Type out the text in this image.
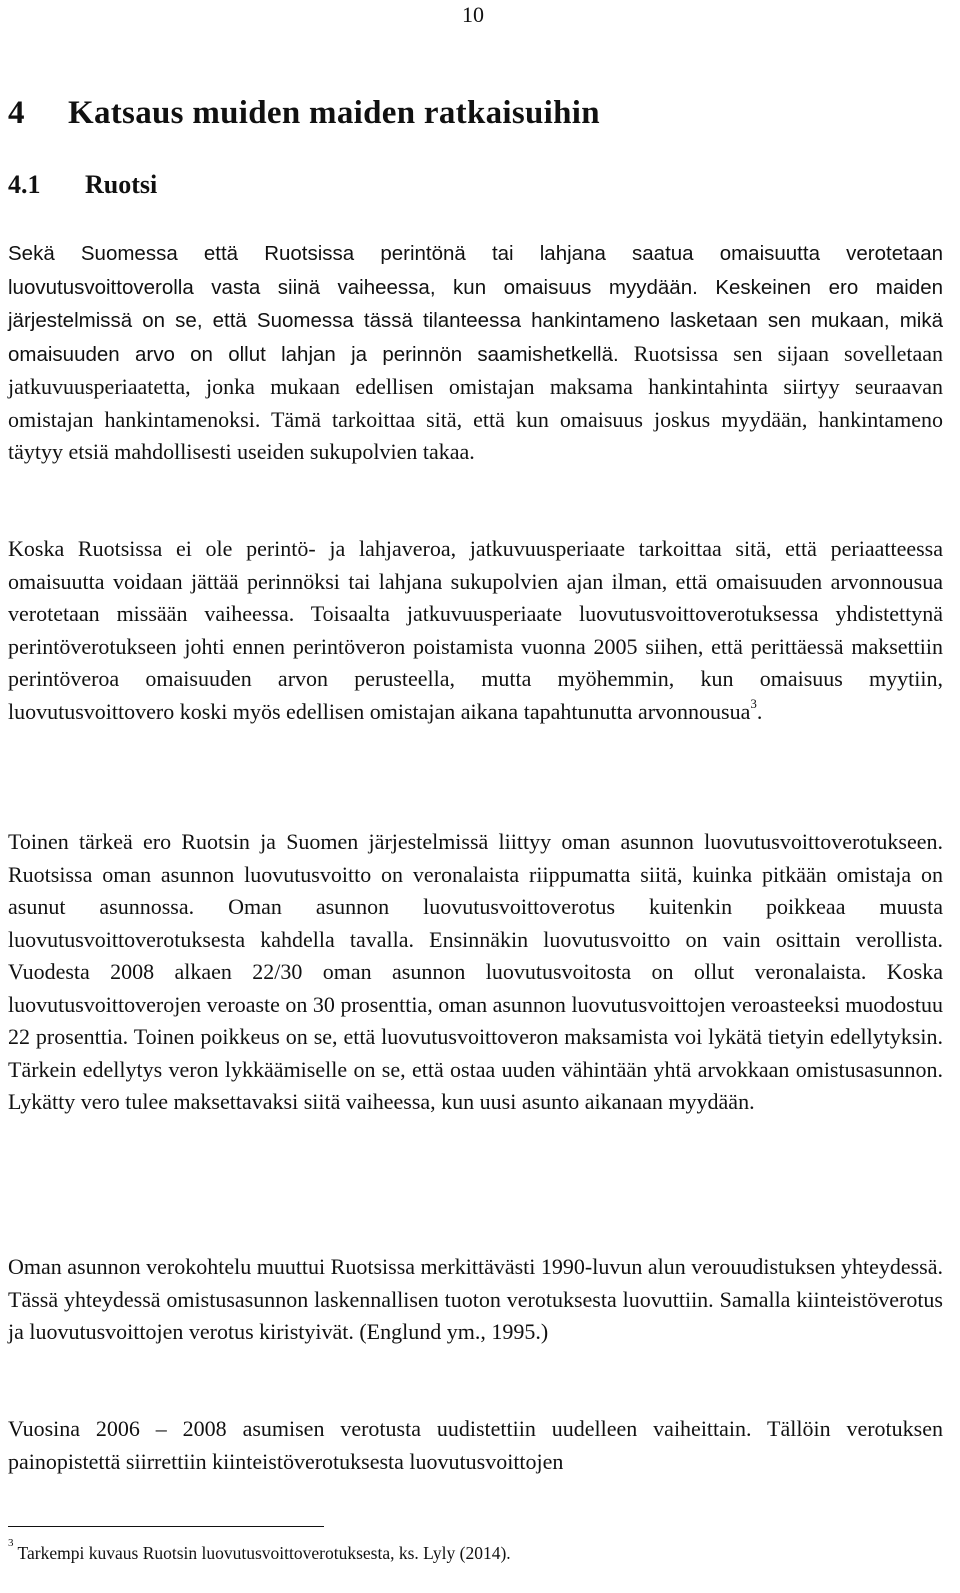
10
4 Katsaus muiden maiden ratkaisuihin
4.1 Ruotsi

Sekä Suomessa että Ruotsissa perintönä tai lahjana saatua omaisuutta verotetaan luovutusvoittoverolla vasta siinä vaiheessa, kun omaisuus myydään. Keskeinen ero maiden järjestelmissä on se, että Suomessa tässä tilanteessa hankintameno lasketaan sen mukaan, mikä omaisuuden arvo on ollut lahjan ja perinnön saamishetkellä. Ruotsissa sen sijaan sovelletaan jatkuvuusperiaatetta, jonka mukaan edellisen omistajan maksama hankintahinta siirtyy seuraavan omistajan hankintamenoksi. Tämä tarkoittaa sitä, että kun omaisuus joskus myydään, hankintameno täytyy etsiä mahdollisesti useiden sukupolvien takaa.

Koska Ruotsissa ei ole perintö- ja lahjaveroa, jatkuvuusperiaate tarkoittaa sitä, että periaatteessa omaisuutta voidaan jättää perinnöksi tai lahjana sukupolvien ajan ilman, että omaisuuden arvonnousua verotetaan missään vaiheessa. Toisaalta jatkuvuusperiaate luovutusvoittoverotuksessa yhdistettynä perintöverotukseen johti ennen perintöveron poistamista vuonna 2005 siihen, että perittäessä maksettiin perintöveroa omaisuuden arvon perusteella, mutta myöhemmin, kun omaisuus myytiin, luovutusvoittovero koski myös edellisen omistajan aikana tapahtunutta arvonnousua$^3$.

Toinen tärkeä ero Ruotsin ja Suomen järjestelmissä liittyy oman asunnon luovutusvoittoverotukseen. Ruotsissa oman asunnon luovutusvoitto on veronalaista riippumatta siitä, kuinka pitkään omistaja on asunut asunnossa. Oman asunnon luovutusvoittoverotus kuitenkin poikkeaa muusta luovutusvoittoverotuksesta kahdella tavalla. Ensinnäkin luovutusvoitto on vain osittain verollista. Vuodesta 2008 alkaen 22/30 oman asunnon luovutusvoitosta on ollut veronalaista. Koska luovutusvoittoverojen veroaste on 30 prosenttia, oman asunnon luovutusvoittojen veroasteeksi muodostuu 22 prosenttia. Toinen poikkeus on se, että luovutusvoittoveron maksamista voi lykätä tietyin edellytyksin. Tärkein edellytys veron lykkäämiselle on se, että ostaa uuden vähintään yhtä arvokkaan omistusasunnon. Lykätty vero tulee maksettavaksi siitä vaiheessa, kun uusi asunto aikanaan myydään.

Oman asunnon verokohtelu muuttui Ruotsissa merkittävästi 1990-luvun alun verouudistuksen yhteydessä. Tässä yhteydessä omistusasunnon laskennallisen tuoton verotuksesta luovuttiin. Samalla kiinteistöverotus ja luovutusvoittojen verotus kiristyivät. (Englund ym., 1995.)

Vuosina 2006 – 2008 asumisen verotusta uudistettiin uudelleen vaiheittain. Tällöin verotuksen painopistettä siirrettiin kiinteistöverotuksesta luovutusvoittojen

$^3$ Tarkempi kuvaus Ruotsin luovutusvoittoverotuksesta, ks. Lyly (2014).
